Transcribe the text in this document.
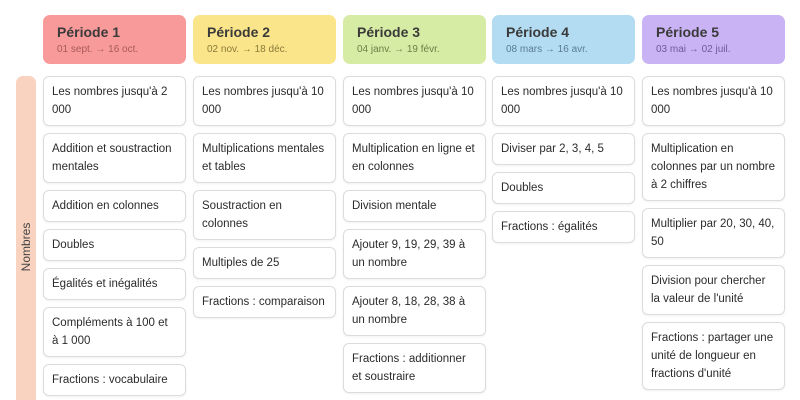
Période 1
01 sept. → 16 oct.
Période 2
02 nov. → 18 déc.
Période 3
04 janv. → 19 févr.
Période 4
08 mars → 16 avr.
Période 5
03 mai → 02 juil.
Nombres
Les nombres jusqu'à 2 000
Addition et soustraction mentales
Addition en colonnes
Doubles
Égalités et inégalités
Compléments à 100 et à 1 000
Fractions : vocabulaire
Les nombres jusqu'à 10 000
Multiplications mentales et tables
Soustraction en colonnes
Multiples de 25
Fractions : comparaison
Les nombres jusqu'à 10 000
Multiplication en ligne et en colonnes
Division mentale
Ajouter 9, 19, 29, 39 à un nombre
Ajouter 8, 18, 28, 38 à un nombre
Fractions : additionner et soustraire
Les nombres jusqu'à 10 000
Diviser par 2, 3, 4, 5
Doubles
Fractions : égalités
Les nombres jusqu'à 10 000
Multiplication en colonnes par un nombre à 2 chiffres
Multiplier par 20, 30, 40, 50
Division pour chercher la valeur de l'unité
Fractions : partager une unité de longueur en fractions d'unité
